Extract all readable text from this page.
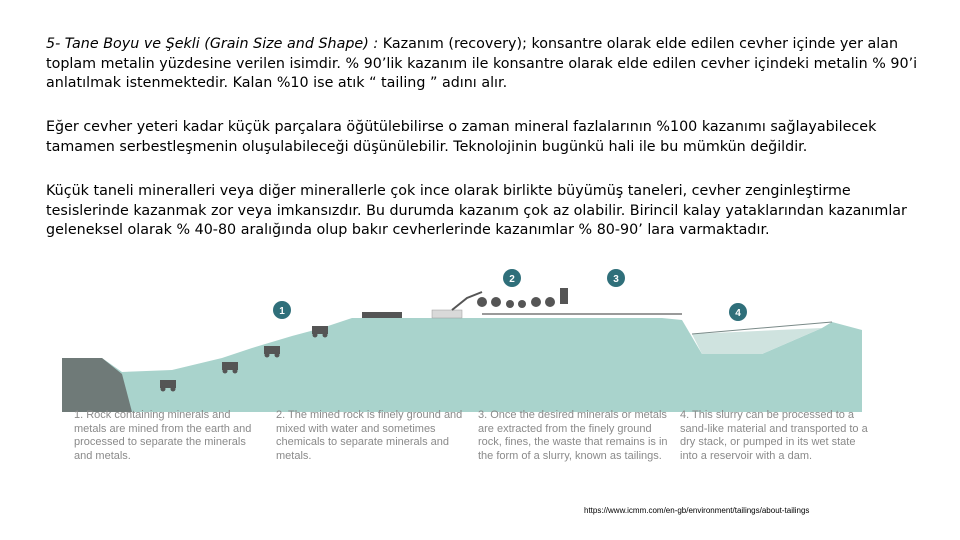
5- Tane Boyu ve Şekli (Grain Size and Shape) : Kazanım (recovery); konsantre olarak elde edilen cevher içinde yer alan toplam metalin yüzdesine verilen isimdir. % 90’lik kazanım ile konsantre olarak elde edilen cevher içindeki metalin % 90’i anlatılmak istenmektedir. Kalan %10 ise atık “ tailing ” adını alır.

Eğer cevher yeteri kadar küçük parçalara öğütülebilirse o zaman mineral fazlalarının %100 kazanımı sağlayabilecek tamamen serbestleşmenin oluşulabileceği düşünülebilir. Teknolojinin bugünkü hali ile bu mümkün değildir.

Küçük taneli mineralleri veya diğer minerallerle çok ince olarak birlikte büyümüş taneleri, cevher zenginleştirme tesislerinde kazanmak zor veya imkansızdır. Bu durumda kazanım çok az olabilir. Birincil kalay yataklarından kazanımlar geleneksel olarak % 40-80 aralığında olup bakır cevherlerinde kazanımlar % 80-90’ lara varmaktadır.

1
2	3
4
1. Rock containing minerals and metals are mined from the earth and processed to separate the minerals and metals.
2. The mined rock is finely ground and mixed with water and sometimes chemicals to separate minerals and metals.
3. Once the desired minerals or metals are extracted from the finely ground rock, fines, the waste that remains is in the form of a slurry, known as tailings.
4. This slurry can be processed to a sand-like material and transported to a dry stack, or pumped in its wet state into a reservoir with a dam.
https://www.icmm.com/en-gb/environment/tailings/about-tailings
